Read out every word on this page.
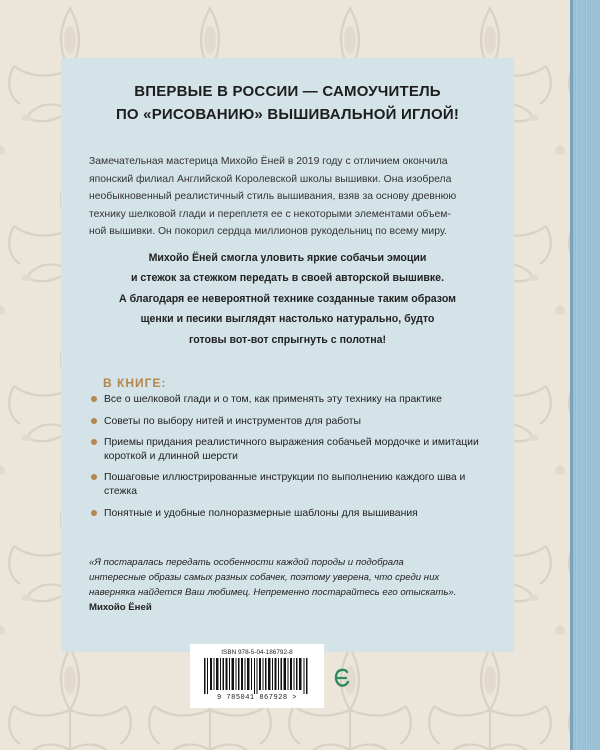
ВПЕРВЫЕ В РОССИИ — САМОУЧИТЕЛЬ
ПО «РИСОВАНИЮ» ВЫШИВАЛЬНОЙ ИГЛОЙ!
Замечательная мастерица Михойо Ёней в 2019 году с отличием окончила
японский филиал Английской Королевской школы вышивки. Она изобрела
необыкновенный реалистичный стиль вышивания, взяв за основу древнюю
технику шелковой глади и переплетя ее с некоторыми элементами объем-
ной вышивки. Он покорил сердца миллионов рукодельниц по всему миру.
Михойо Ёней смогла уловить яркие собачьи эмоции
и стежок за стежком передать в своей авторской вышивке.
А благодаря ее невероятной технике созданные таким образом
щенки и песики выглядят настолько натурально, будто
готовы вот-вот спрыгнуть с полотна!
В КНИГЕ:
Все о шелковой глади и о том, как применять эту технику на практике
Советы по выбору нитей и инструментов для работы
Приемы придания реалистичного выражения собачьей мордочке и имитации короткой и длинной шерсти
Пошаговые иллюстрированные инструкции по выполнению каждого шва и стежка
Понятные и удобные полноразмерные шаблоны для вышивания
«Я постаралась передать особенности каждой породы и подобрала
интересные образы самых разных собачек, поэтому уверена, что среди них
наверняка найдется Ваш любимец. Непременно постарайтесь его отыскать».
Михойо Ёней
ISBN 978-5-04-186792-8
9 785041 867928 >
